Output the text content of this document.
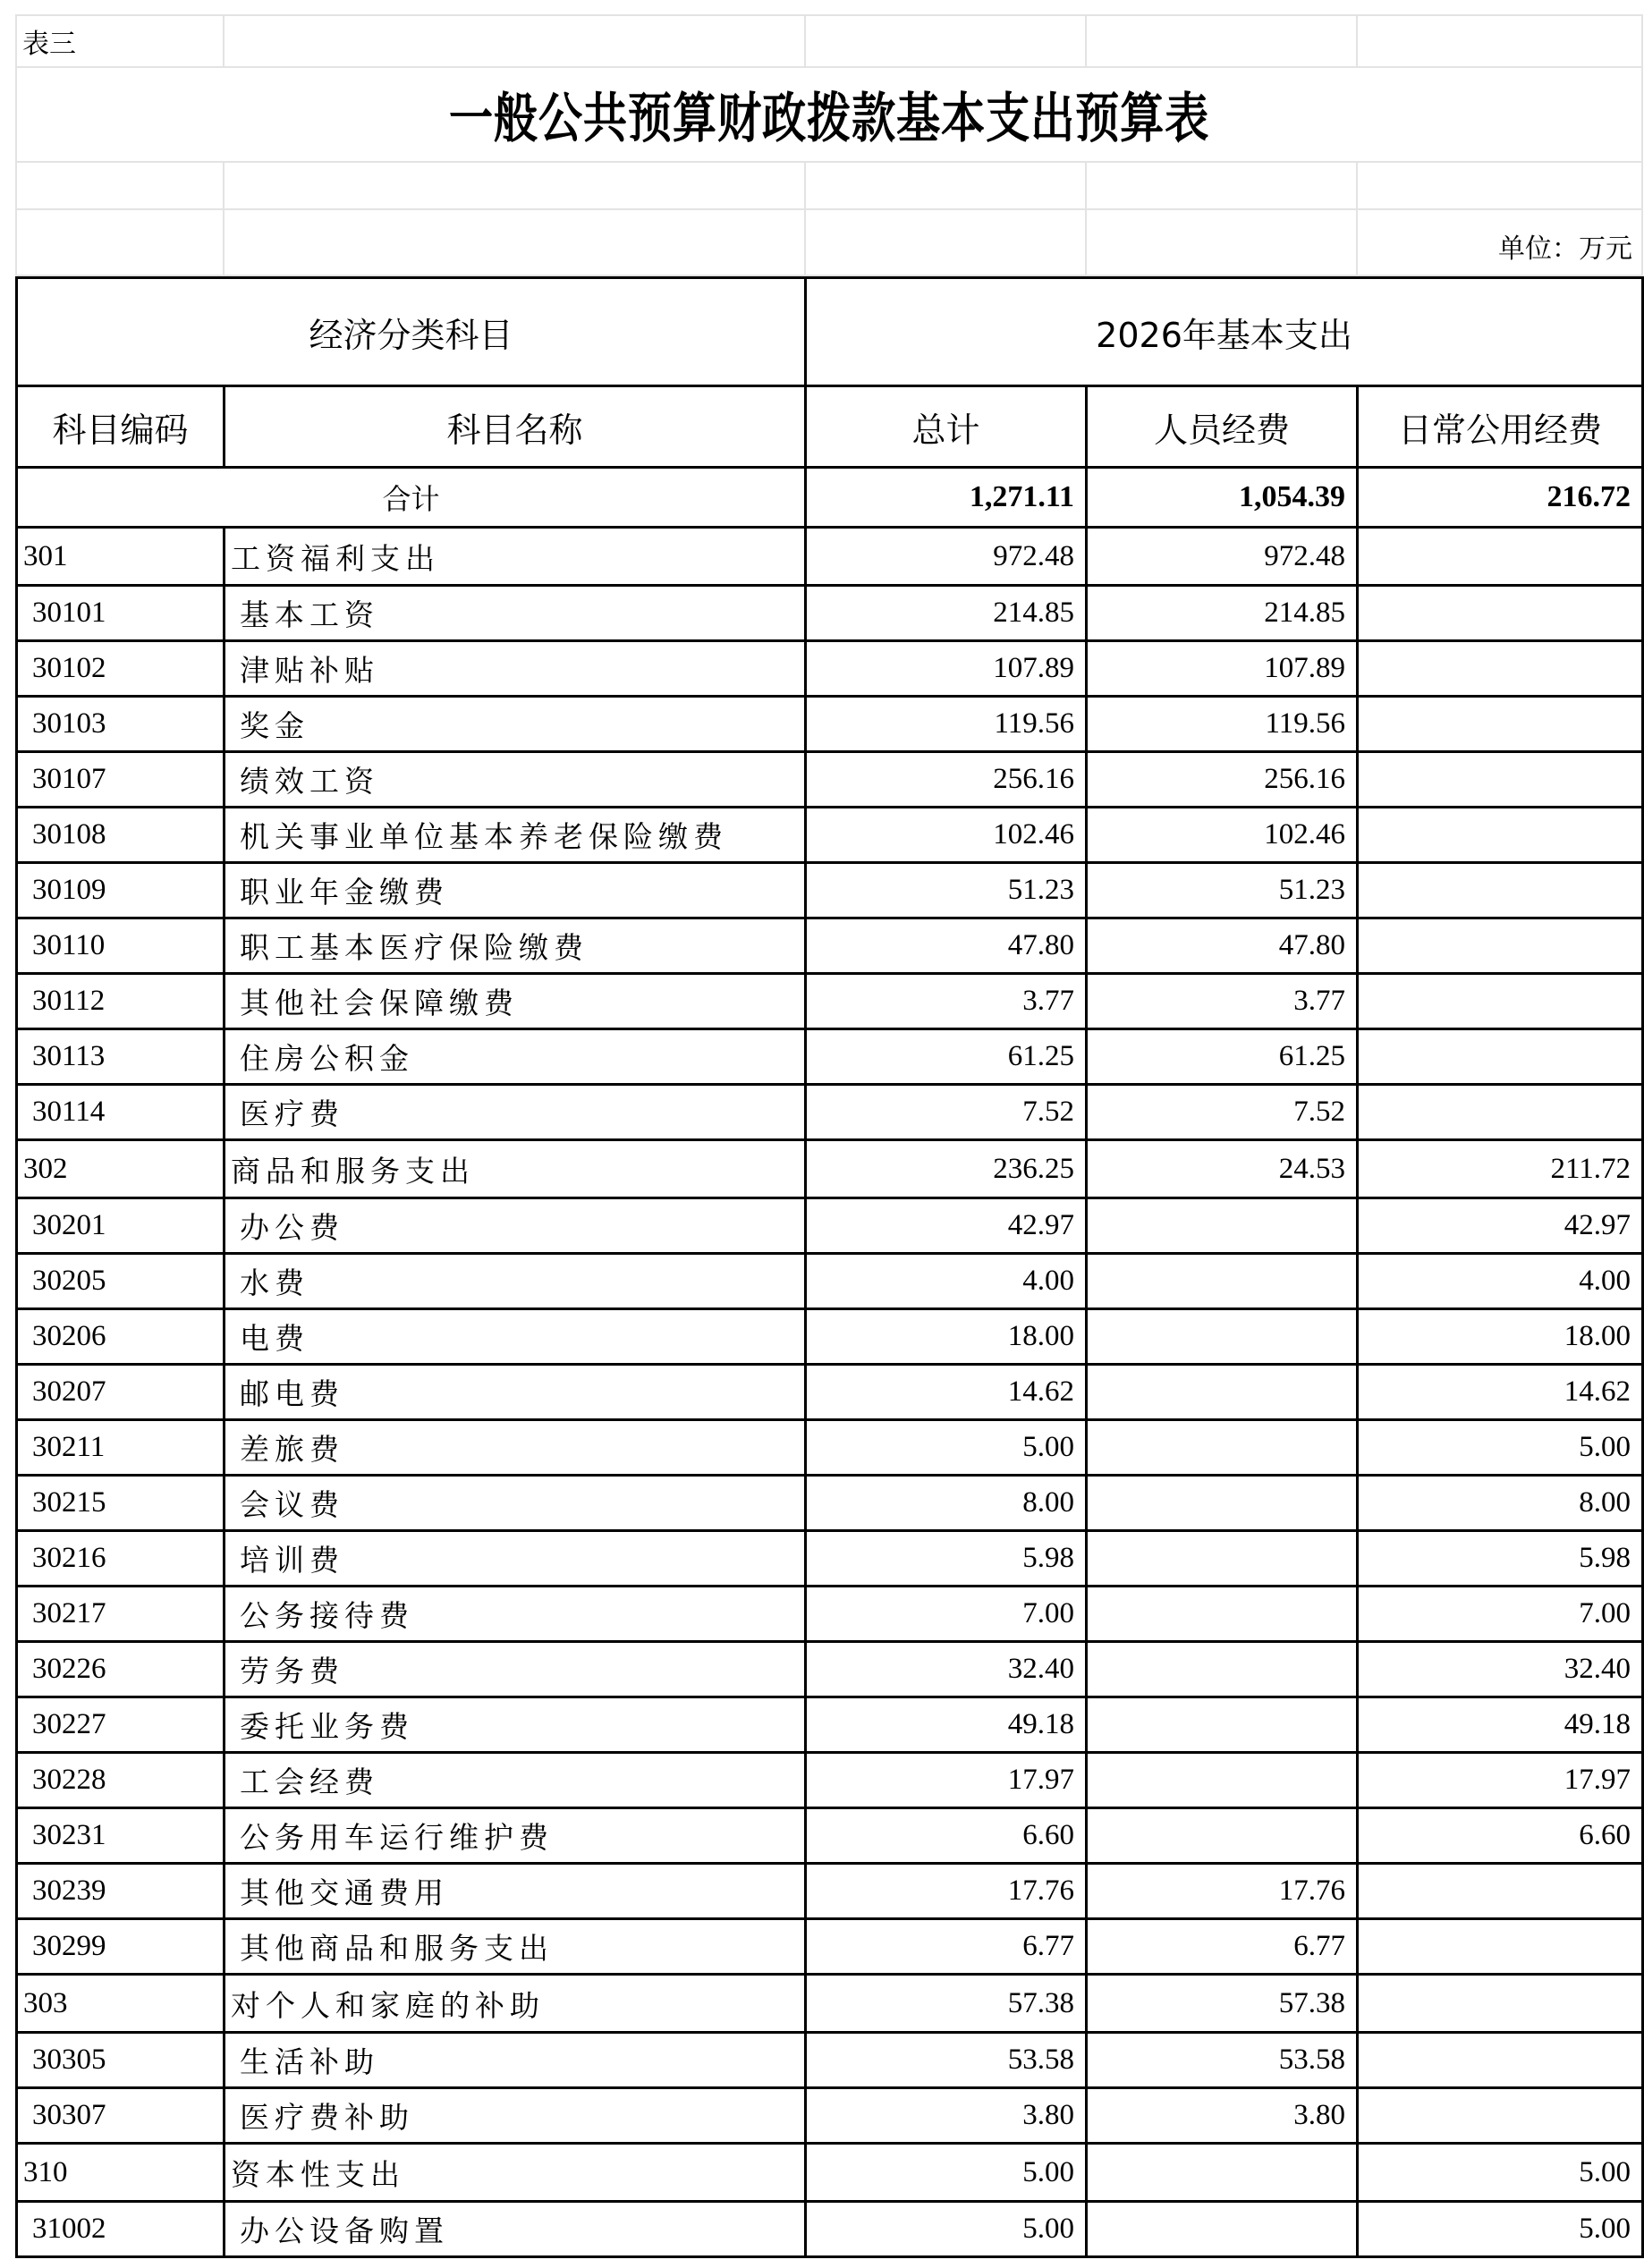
表三				

一般公共预算财政拨款基本支出预算表				

				单位：万元
经济分类科目		2026年基本支出		
科目编码	科目名称	总计	人员经费	日常公用经费
合计		1,271.11	1,054.39	216.72
301	工资福利支出	972.48	972.48	
30101	基本工资	214.85	214.85	
30102	津贴补贴	107.89	107.89	
30103	奖金	119.56	119.56	
30107	绩效工资	256.16	256.16	
30108	机关事业单位基本养老保险缴费	102.46	102.46	
30109	职业年金缴费	51.23	51.23	
30110	职工基本医疗保险缴费	47.80	47.80	
30112	其他社会保障缴费	3.77	3.77	
30113	住房公积金	61.25	61.25	
30114	医疗费	7.52	7.52	
302	商品和服务支出	236.25	24.53	211.72
30201	办公费	42.97		42.97
30205	水费	4.00		4.00
30206	电费	18.00		18.00
30207	邮电费	14.62		14.62
30211	差旅费	5.00		5.00
30215	会议费	8.00		8.00
30216	培训费	5.98		5.98
30217	公务接待费	7.00		7.00
30226	劳务费	32.40		32.40
30227	委托业务费	49.18		49.18
30228	工会经费	17.97		17.97
30231	公务用车运行维护费	6.60		6.60
30239	其他交通费用	17.76	17.76	
30299	其他商品和服务支出	6.77	6.77	
303	对个人和家庭的补助	57.38	57.38	
30305	生活补助	53.58	53.58	
30307	医疗费补助	3.80	3.80	
310	资本性支出	5.00		5.00
31002	办公设备购置	5.00		5.00
